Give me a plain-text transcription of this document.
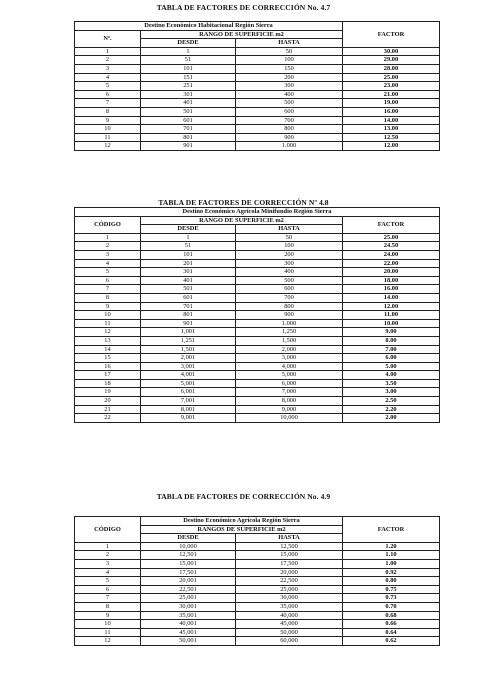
TABLA DE FACTORES DE CORRECCIÓN No. 4.7
Destino Económico Habitacional Región Sierra			FACTOR
Nº.	RANGO DE SUPERFICIE m2		
	DESDE	HASTA	
1	1	50	30.00
2	51	100	29.00
3	101	150	28.00
4	151	200	25.00
5	251	300	23.00
6	301	400	21.00
7	401	500	19.00
8	501	600	16.00
9	601	700	14.00
10	701	800	13.00
11	801	900	12.50
12	901	1.000	12.00
TABLA DE FACTORES DE CORRECCIÓN Nº 4.8
Destino Económico Agrícola Minifundio Región Sierra			
CÓDIGO	RANGO DE SUPERFICIE m2		FACTOR
	DESDE	HASTA	
1	1	50	25.00
2	51	100	24.50
3	101	200	24.00
4	201	300	22.00
5	301	400	20.00
6	401	500	18.00
7	501	600	16.00
8	601	700	14.00
9	701	800	12.00
10	801	900	11.00
11	901	1.000	10.00
12	1,001	1,250	9.00
13	1,251	1,500	8.00
14	1,501	2,000	7.00
15	2,001	3,000	6.00
16	3,001	4,000	5.00
17	4,001	5,000	4.00
18	5,001	6,000	3.50
19	6,001	7,000	3.00
20	7,001	8,000	2.50
21	8,001	9,000	2.20
22	9,001	10,000	2.00
TABLA DE FACTORES DE CORRECCIÓN No. 4.9
CÓDIGO	Destino Económico Agrícola Región Sierra		FACTOR
	RANGOS DE SUPERFICIE m2		
	DESDE	HASTA	
1	10,000	12,500	1.20
2	12,501	15,000	1.10
3	15,001	17,500	1.00
4	17,501	20,000	0.92
5	20,001	22,500	0.80
6	22,501	25,000	0.75
7	25,001	30,000	0.73
8	30,001	35,000	0.70
9	35,001	40,000	0.68
10	40,001	45,000	0.66
11	45,001	50,000	0.64
12	50,001	60,000	0.62
